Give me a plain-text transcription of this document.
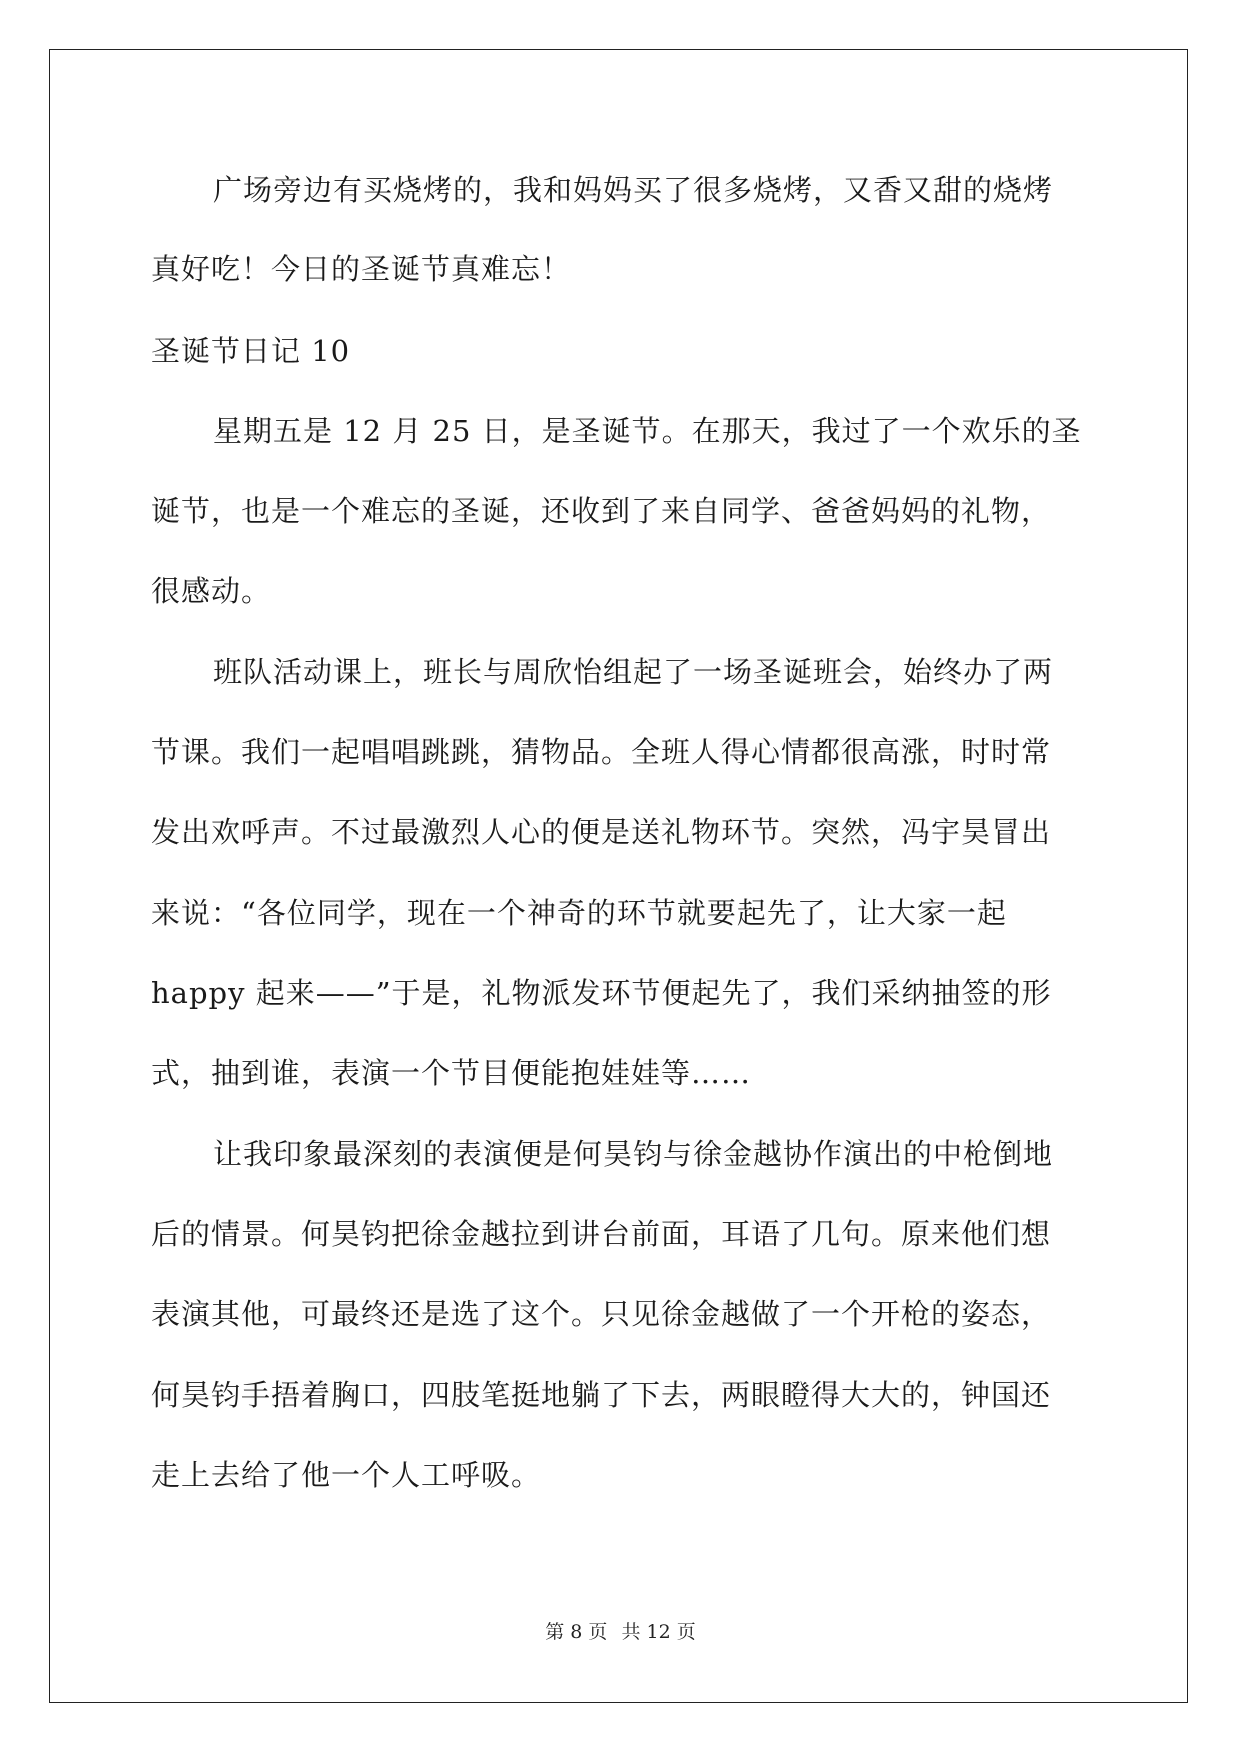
广场旁边有买烧烤的，我和妈妈买了很多烧烤，又香又甜的烧烤
真好吃！今日的圣诞节真难忘！
圣诞节日记 10
星期五是 12 月 25 日，是圣诞节。在那天，我过了一个欢乐的圣
诞节，也是一个难忘的圣诞，还收到了来自同学、爸爸妈妈的礼物，
很感动。
班队活动课上，班长与周欣怡组起了一场圣诞班会，始终办了两
节课。我们一起唱唱跳跳，猜物品。全班人得心情都很高涨，时时常
发出欢呼声。不过最激烈人心的便是送礼物环节。突然，冯宇昊冒出
来说：“各位同学，现在一个神奇的环节就要起先了，让大家一起
happy 起来——”于是，礼物派发环节便起先了，我们采纳抽签的形
式，抽到谁，表演一个节目便能抱娃娃等……
让我印象最深刻的表演便是何昊钧与徐金越协作演出的中枪倒地
后的情景。何昊钧把徐金越拉到讲台前面，耳语了几句。原来他们想
表演其他，可最终还是选了这个。只见徐金越做了一个开枪的姿态，
何昊钧手捂着胸口，四肢笔挺地躺了下去，两眼瞪得大大的，钟国还
走上去给了他一个人工呼吸。
第 8 页 共 12 页
